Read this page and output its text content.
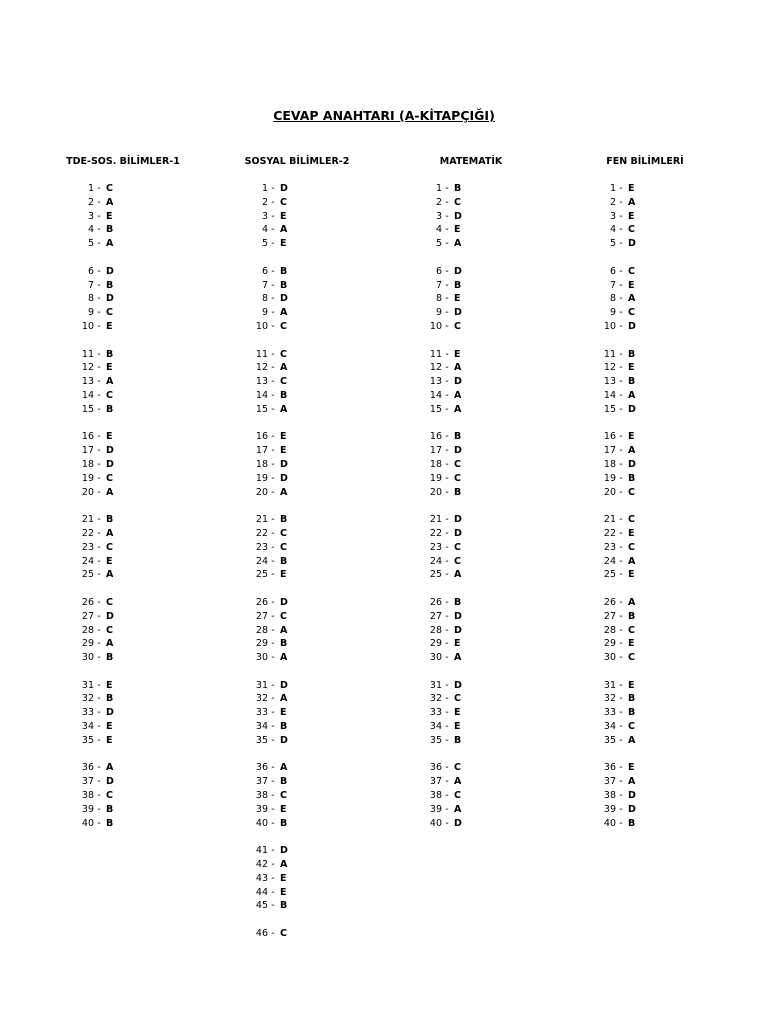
CEVAP ANAHTARI (A-KİTAPÇIĞI)
TDE-SOS. BİLİMLER-1
1 - C
2 - A
3 - E
4 - B
5 - A
6 - D
7 - B
8 - D
9 - C
10 - E
11 - B
12 - E
13 - A
14 - C
15 - B
16 - E
17 - D
18 - D
19 - C
20 - A
21 - B
22 - A
23 - C
24 - E
25 - A
26 - C
27 - D
28 - C
29 - A
30 - B
31 - E
32 - B
33 - D
34 - E
35 - E
36 - A
37 - D
38 - C
39 - B
40 - B
SOSYAL BİLİMLER-2
1 - D
2 - C
3 - E
4 - A
5 - E
6 - B
7 - B
8 - D
9 - A
10 - C
11 - C
12 - A
13 - C
14 - B
15 - A
16 - E
17 - E
18 - D
19 - D
20 - A
21 - B
22 - C
23 - C
24 - B
25 - E
26 - D
27 - C
28 - A
29 - B
30 - A
31 - D
32 - A
33 - E
34 - B
35 - D
36 - A
37 - B
38 - C
39 - E
40 - B
41 - D
42 - A
43 - E
44 - E
45 - B
46 - C
MATEMATİK
1 - B
2 - C
3 - D
4 - E
5 - A
6 - D
7 - B
8 - E
9 - D
10 - C
11 - E
12 - A
13 - D
14 - A
15 - A
16 - B
17 - D
18 - C
19 - C
20 - B
21 - D
22 - D
23 - C
24 - C
25 - A
26 - B
27 - D
28 - D
29 - E
30 - A
31 - D
32 - C
33 - E
34 - E
35 - B
36 - C
37 - A
38 - C
39 - A
40 - D
FEN BİLİMLERİ
1 - E
2 - A
3 - E
4 - C
5 - D
6 - C
7 - E
8 - A
9 - C
10 - D
11 - B
12 - E
13 - B
14 - A
15 - D
16 - E
17 - A
18 - D
19 - B
20 - C
21 - C
22 - E
23 - C
24 - A
25 - E
26 - A
27 - B
28 - C
29 - E
30 - C
31 - E
32 - B
33 - B
34 - C
35 - A
36 - E
37 - A
38 - D
39 - D
40 - B
